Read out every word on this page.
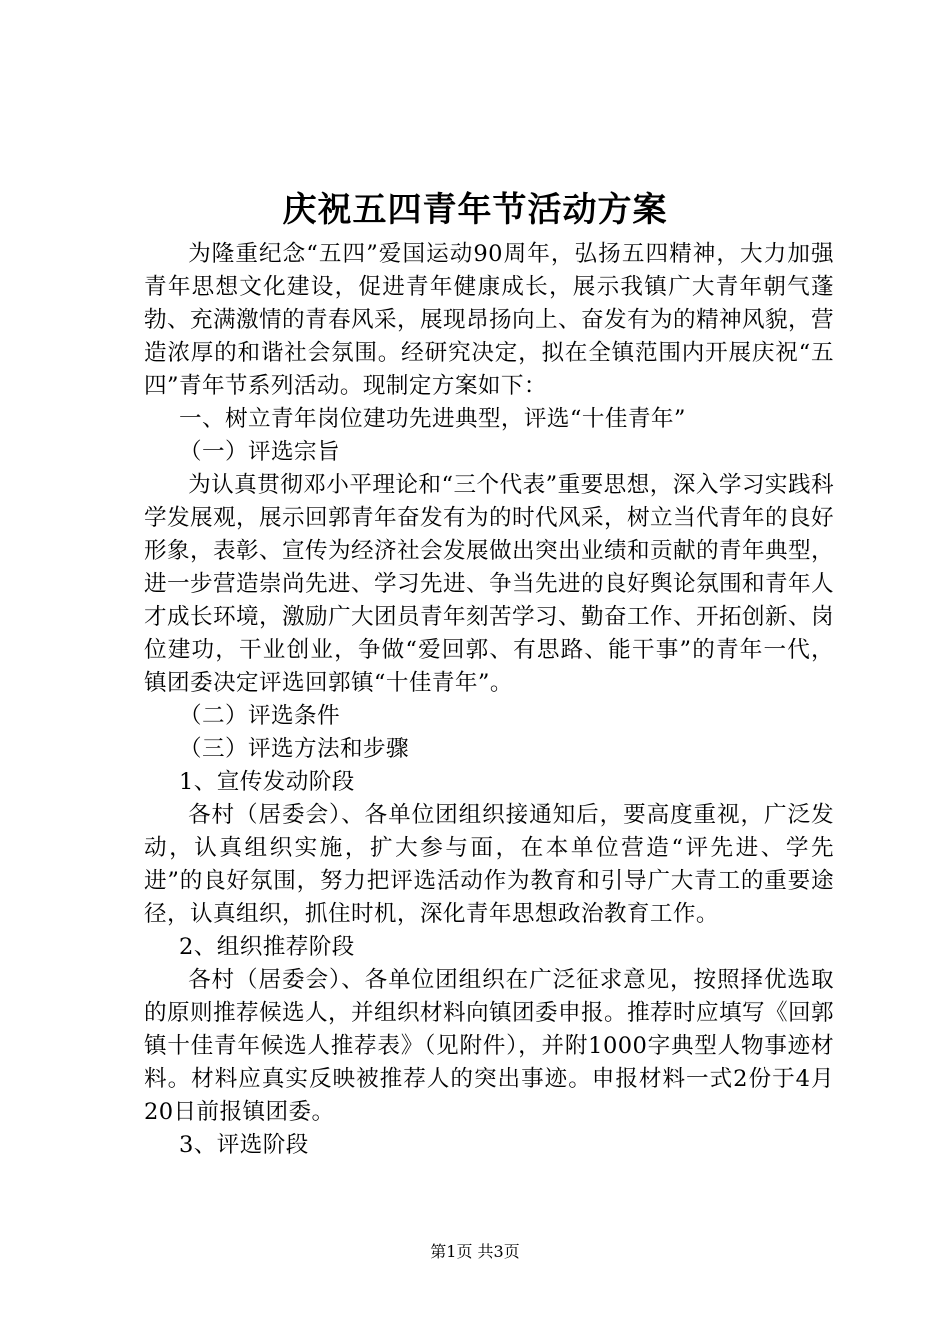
庆祝五四青年节活动方案

为隆重纪念“五四”爱国运动90周年，弘扬五四精神，大力加强青年思想文化建设，促进青年健康成长，展示我镇广大青年朝气蓬勃、充满激情的青春风采，展现昂扬向上、奋发有为的精神风貌，营造浓厚的和谐社会氛围。经研究决定，拟在全镇范围内开展庆祝“五四”青年节系列活动。现制定方案如下：

一、树立青年岗位建功先进典型，评选“十佳青年”

（一）评选宗旨

为认真贯彻邓小平理论和“三个代表”重要思想，深入学习实践科学发展观，展示回郭青年奋发有为的时代风采，树立当代青年的良好形象，表彰、宣传为经济社会发展做出突出业绩和贡献的青年典型，进一步营造崇尚先进、学习先进、争当先进的良好舆论氛围和青年人才成长环境，激励广大团员青年刻苦学习、勤奋工作、开拓创新、岗位建功，干业创业，争做“爱回郭、有思路、能干事”的青年一代，镇团委决定评选回郭镇“十佳青年”。

（二）评选条件

（三）评选方法和步骤

1、宣传发动阶段

各村（居委会）、各单位团组织接通知后，要高度重视，广泛发动，认真组织实施，扩大参与面，在本单位营造“评先进、学先进”的良好氛围，努力把评选活动作为教育和引导广大青工的重要途径，认真组织，抓住时机，深化青年思想政治教育工作。

2、组织推荐阶段

各村（居委会）、各单位团组织在广泛征求意见，按照择优选取的原则推荐候选人，并组织材料向镇团委申报。推荐时应填写《回郭镇十佳青年候选人推荐表》（见附件），并附1000字典型人物事迹材料。材料应真实反映被推荐人的突出事迹。申报材料一式2份于4月20日前报镇团委。

3、评选阶段

第1页 共3页
